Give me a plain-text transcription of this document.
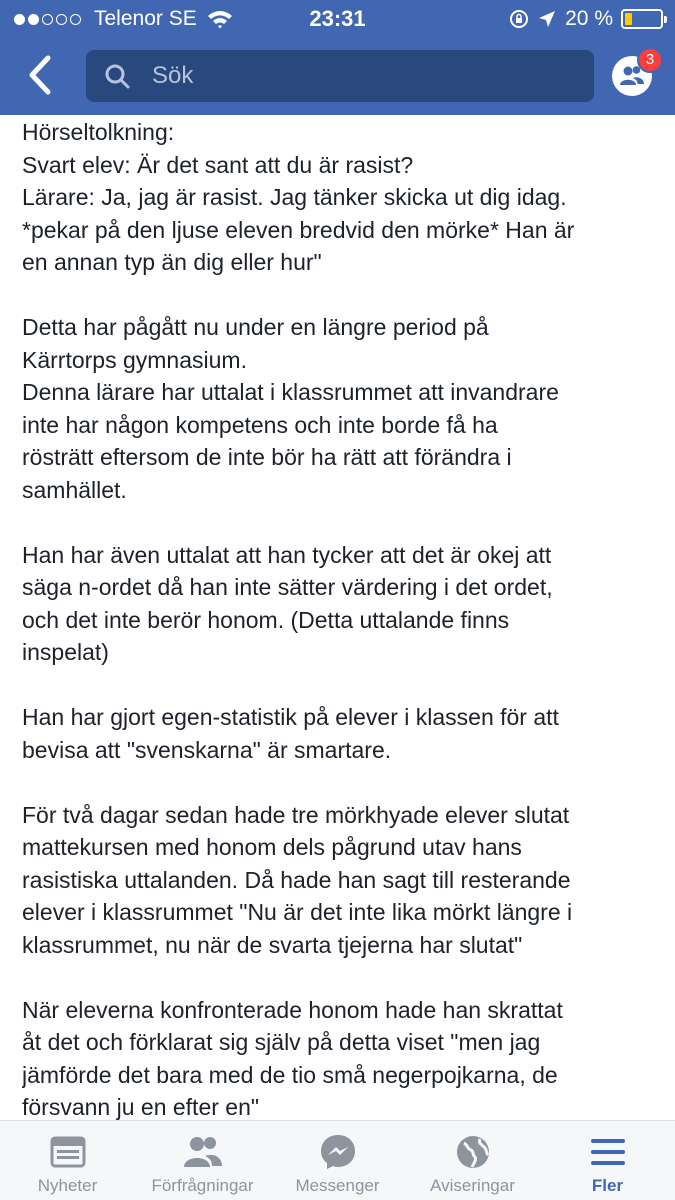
Telenor SE	23:31	20 %
Sök
3
Hörseltolkning:
Svart elev: Är det sant att du är rasist?
Lärare: Ja, jag är rasist. Jag tänker skicka ut dig idag.
*pekar på den ljuse eleven bredvid den mörke* Han är
en annan typ än dig eller hur"
Detta har pågått nu under en längre period på
Kärrtorps gymnasium.
Denna lärare har uttalat i klassrummet att invandrare
inte har någon kompetens och inte borde få ha
rösträtt eftersom de inte bör ha rätt att förändra i
samhället.
Han har även uttalat att han tycker att det är okej att
säga n-ordet då han inte sätter värdering i det ordet,
och det inte berör honom. (Detta uttalande finns
inspelat)
Han har gjort egen-statistik på elever i klassen för att
bevisa att "svenskarna" är smartare.
För två dagar sedan hade tre mörkhyade elever slutat
mattekursen med honom dels pågrund utav hans
rasistiska uttalanden. Då hade han sagt till resterande
elever i klassrummet "Nu är det inte lika mörkt längre i
klassrummet, nu när de svarta tjejerna har slutat"
När eleverna konfronterade honom hade han skrattat
åt det och förklarat sig själv på detta viset "men jag
jämförde det bara med de tio små negerpojkarna, de
försvann ju en efter en"
Nyheter	Förfrågningar	Messenger	Aviseringar	Fler
